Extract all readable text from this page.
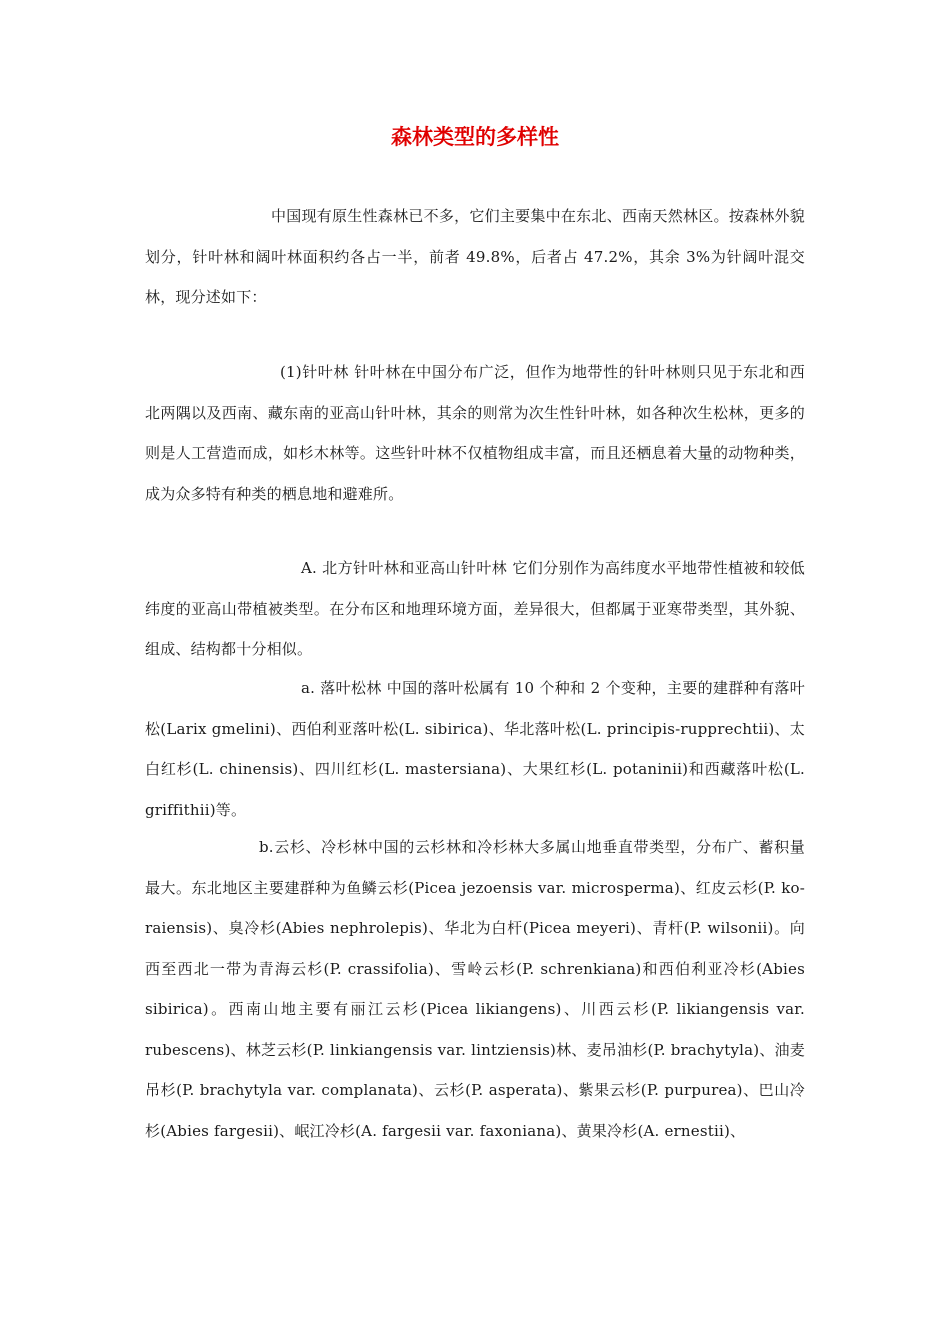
森林类型的多样性

中国现有原生性森林已不多，它们主要集中在东北、西南天然林区。按森林外貌划分，针叶林和阔叶林面积约各占一半，前者 49.8%，后者占 47.2%，其余 3%为针阔叶混交林，现分述如下：

(1)针叶林 针叶林在中国分布广泛，但作为地带性的针叶林则只见于东北和西北两隅以及西南、藏东南的亚高山针叶林，其余的则常为次生性针叶林，如各种次生松林，更多的则是人工营造而成，如杉木林等。这些针叶林不仅植物组成丰富，而且还栖息着大量的动物种类，成为众多特有种类的栖息地和避难所。

A. 北方针叶林和亚高山针叶林 它们分别作为高纬度水平地带性植被和较低纬度的亚高山带植被类型。在分布区和地理环境方面，差异很大，但都属于亚寒带类型，其外貌、组成、结构都十分相似。

a. 落叶松林 中国的落叶松属有 10 个种和 2 个变种，主要的建群种有落叶松(Larix gmelini)、西伯利亚落叶松(L. sibirica)、华北落叶松(L. principis-rupprechtii)、太白红杉(L. chinensis)、四川红杉(L. mastersiana)、大果红杉(L. potaninii)和西藏落叶松(L. griffithii)等。

b.云杉、冷杉林中国的云杉林和冷杉林大多属山地垂直带类型，分布广、蓄积量最大。东北地区主要建群种为鱼鳞云杉(Picea jezoensis var. microsperma)、红皮云杉(P. ko-raiensis)、臭冷杉(Abies nephrolepis)、华北为白杆(Picea meyeri)、青杆(P. wilsonii)。向西至西北一带为青海云杉(P. crassifolia)、雪岭云杉(P. schrenkiana)和西伯利亚冷杉(Abies sibirica)。西南山地主要有丽江云杉(Picea likiangens)、川西云杉(P. likiangensis var. rubescens)、林芝云杉(P. linkiangensis var. lintziensis)林、麦吊油杉(P. brachytyla)、油麦吊杉(P. brachytyla var. complanata)、云杉(P. asperata)、紫果云杉(P. purpurea)、巴山冷杉(Abies fargesii)、岷江冷杉(A. fargesii var. faxoniana)、黄果冷杉(A. ernestii)、
